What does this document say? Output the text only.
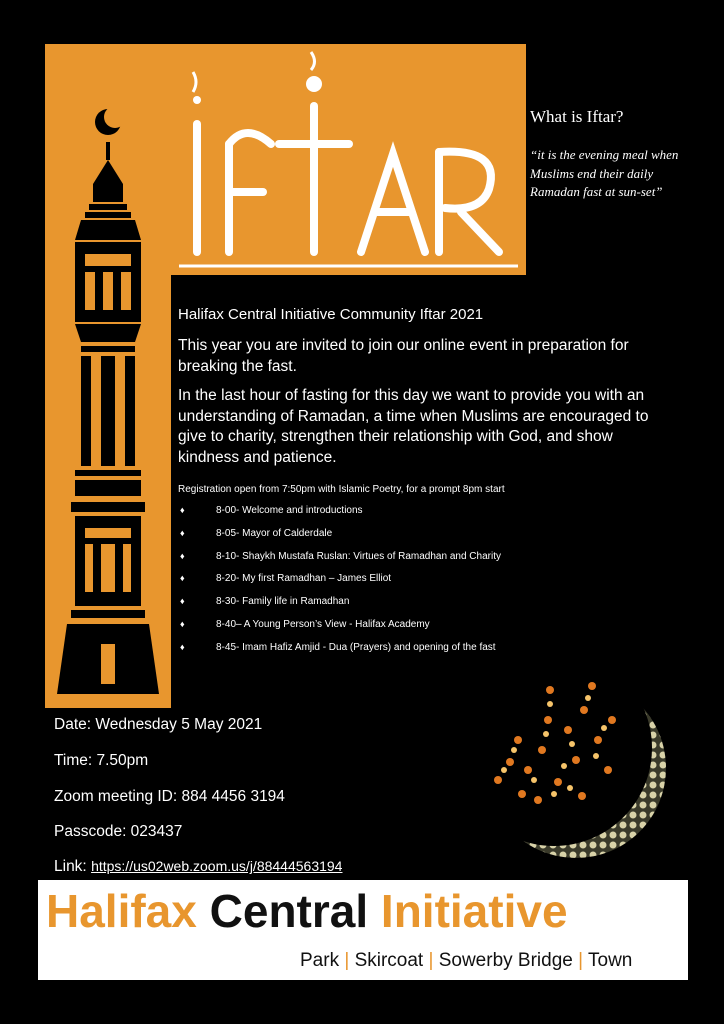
What is Iftar?
“it is the evening meal when Muslims end their daily Ramadan fast at sun-set”
Halifax Central Initiative Community Iftar 2021
This year you are invited to join our online event in preparation for breaking the fast.
In the last hour of fasting for this day we want to provide you with an understanding of Ramadan, a time when Muslims are encouraged to give to charity, strengthen their relationship with God, and show kindness and patience.
Registration open from 7:50pm with Islamic Poetry, for a prompt 8pm start
♦	8-00- Welcome and introductions
♦	8-05- Mayor of Calderdale
♦	8-10- Shaykh Mustafa Ruslan: Virtues of Ramadhan and Charity
♦	8-20- My first Ramadhan – James Elliot
♦	8-30- Family life in Ramadhan
♦	8-40– A Young Person’s View - Halifax Academy
♦	8-45- Imam Hafiz Amjid - Dua (Prayers) and opening of the fast
Date: Wednesday 5 May 2021
Time: 7.50pm
Zoom meeting ID: 884 4456 3194
Passcode: 023437
Link: https://us02web.zoom.us/j/88444563194
Halifax Central Initiative
Park | Skircoat | Sowerby Bridge | Town
